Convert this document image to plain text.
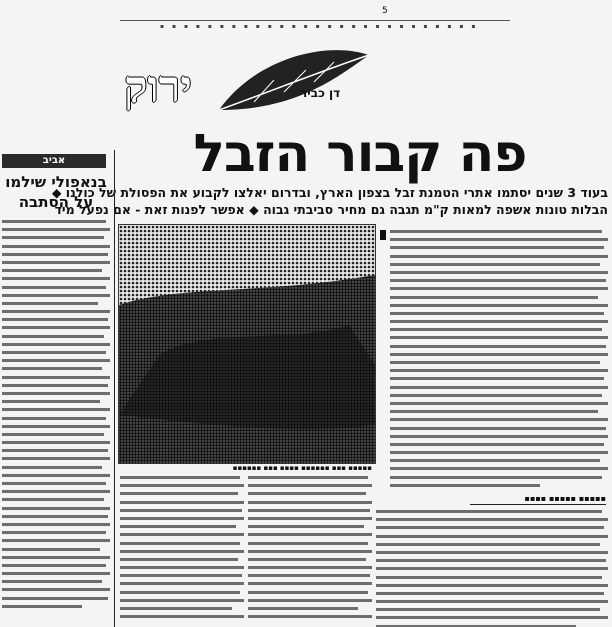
5
▪ ▪ ▪ ▪ ▪ ▪ ▪ ▪ ▪ ▪ ▪ ▪ ▪ ▪ ▪ ▪ ▪ ▪ ▪ ▪ ▪ ▪ ▪ ▪ ▪ ▪ ▪
ירוק	דן כביר
פה קבור הזבל
בעוד 3 שנים יסתמו אתרי הטמנת זבל בצפון הארץ, ובדרום יאלצו לקבוע את הפסולת של כולנו ◆
הבלות טונות אשפה למאות ק"מ תגבה גם מחיר סביבתי גבוה ◆ אפשר לפנות זאת - אם נפעל מיד
▪▪▪▪▪ ▪▪▪ ▪▪▪▪▪▪ ▪▪▪▪ ▪▪▪ ▪▪▪▪▪▪
אביב
בנאפולי שילמו על הסתבה
▪▪▪▪▪ ▪▪▪▪▪ ▪▪▪▪
